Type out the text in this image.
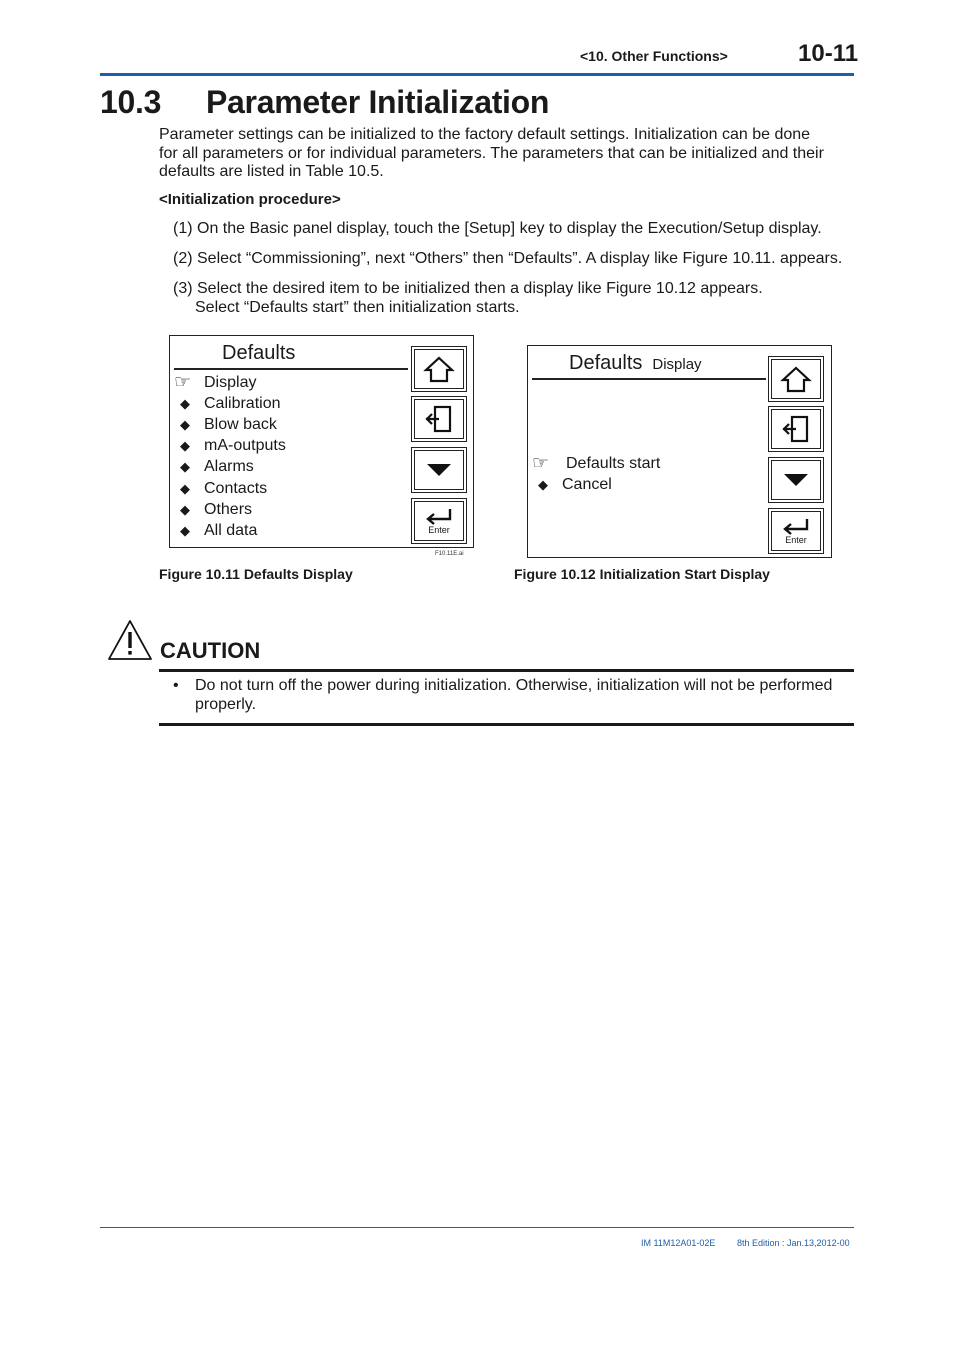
<10. Other Functions>	10-11
10.3 Parameter Initialization
Parameter settings can be initialized to the factory default settings. Initialization can be done
for all parameters or for individual parameters. The parameters that can be initialized and their
defaults are listed in Table 10.5.
<Initialization procedure>
(1) On the Basic panel display, touch the [Setup] key to display the Execution/Setup display.
(2) Select “Commissioning”, next “Others” then “Defaults”. A display like Figure 10.11. appears.
(3) Select the desired item to be initialized then a display like Figure 10.12 appears.
Select “Defaults start” then initialization starts.
Defaults
☞ Display
◆ Calibration
◆ Blow back
◆ mA-outputs
◆ Alarms
◆ Contacts
◆ Others
◆ All data	Enter
F10.11E.ai
Figure 10.11 Defaults Display
Defaults Display
☞	Defaults start
◆ Cancel
Enter
Figure 10.12 Initialization Start Display
CAUTION
• Do not turn off the power during initialization. Otherwise, initialization will not be performed
properly.
IM 11M12A01-02E 8th Edition : Jan.13,2012-00
